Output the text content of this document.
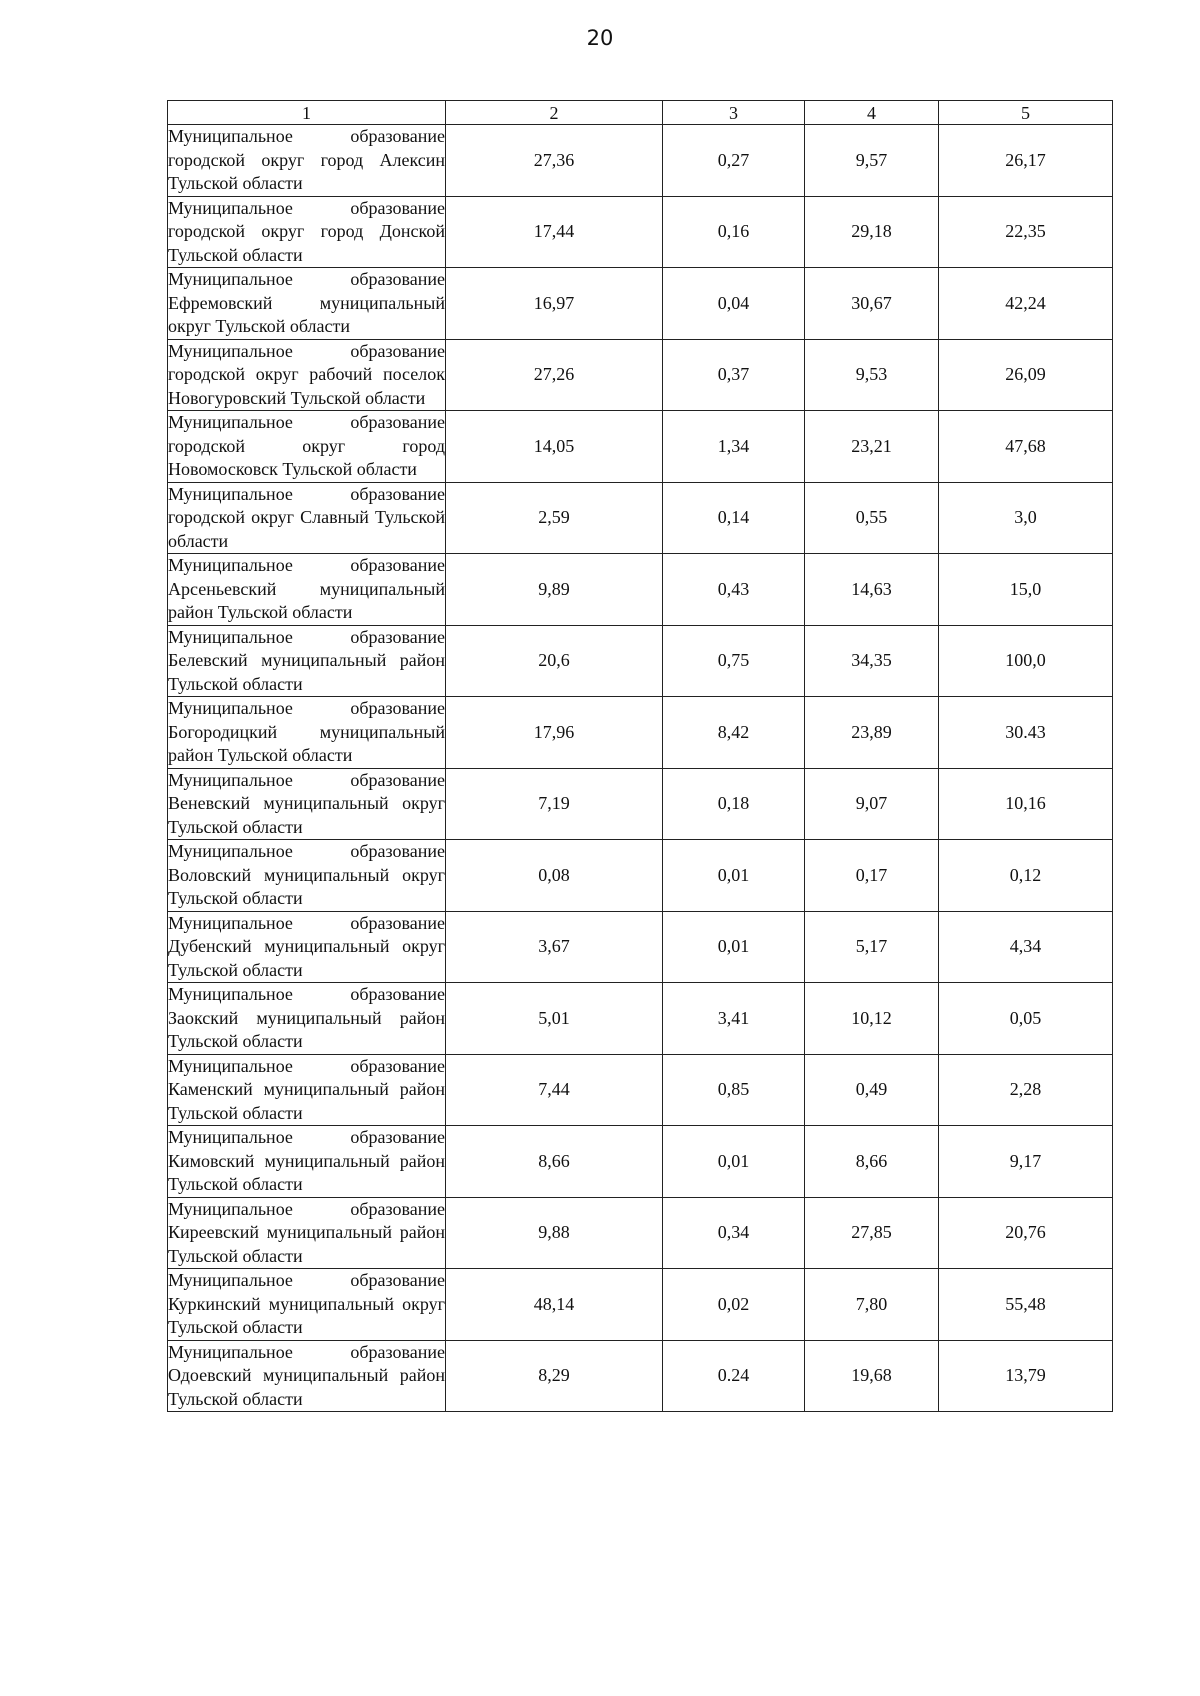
20
1	2	3	4	5
Муниципальное образование городской округ город Алексин Тульской области	27,36	0,27	9,57	26,17
Муниципальное образование городской округ город Донской Тульской области	17,44	0,16	29,18	22,35
Муниципальное образование Ефремовский муниципальный округ Тульской области	16,97	0,04	30,67	42,24
Муниципальное образование городской округ рабочий поселок Новогуровский Тульской области	27,26	0,37	9,53	26,09
Муниципальное образование городской округ город Новомосковск Тульской области	14,05	1,34	23,21	47,68
Муниципальное образование городской округ Славный Тульской области	2,59	0,14	0,55	3,0
Муниципальное образование Арсеньевский муниципальный район Тульской области	9,89	0,43	14,63	15,0
Муниципальное образование Белевский муниципальный район Тульской области	20,6	0,75	34,35	100,0
Муниципальное образование Богородицкий муниципальный район Тульской области	17,96	8,42	23,89	30.43
Муниципальное образование Веневский муниципальный округ Тульской области	7,19	0,18	9,07	10,16
Муниципальное образование Воловский муниципальный округ Тульской области	0,08	0,01	0,17	0,12
Муниципальное образование Дубенский муниципальный округ Тульской области	3,67	0,01	5,17	4,34
Муниципальное образование Заокский муниципальный район Тульской области	5,01	3,41	10,12	0,05
Муниципальное образование Каменский муниципальный район Тульской области	7,44	0,85	0,49	2,28
Муниципальное образование Кимовский муниципальный район Тульской области	8,66	0,01	8,66	9,17
Муниципальное образование Киреевский муниципальный район Тульской области	9,88	0,34	27,85	20,76
Муниципальное образование Куркинский муниципальный округ Тульской области	48,14	0,02	7,80	55,48
Муниципальное образование Одоевский муниципальный район Тульской области	8,29	0.24	19,68	13,79
